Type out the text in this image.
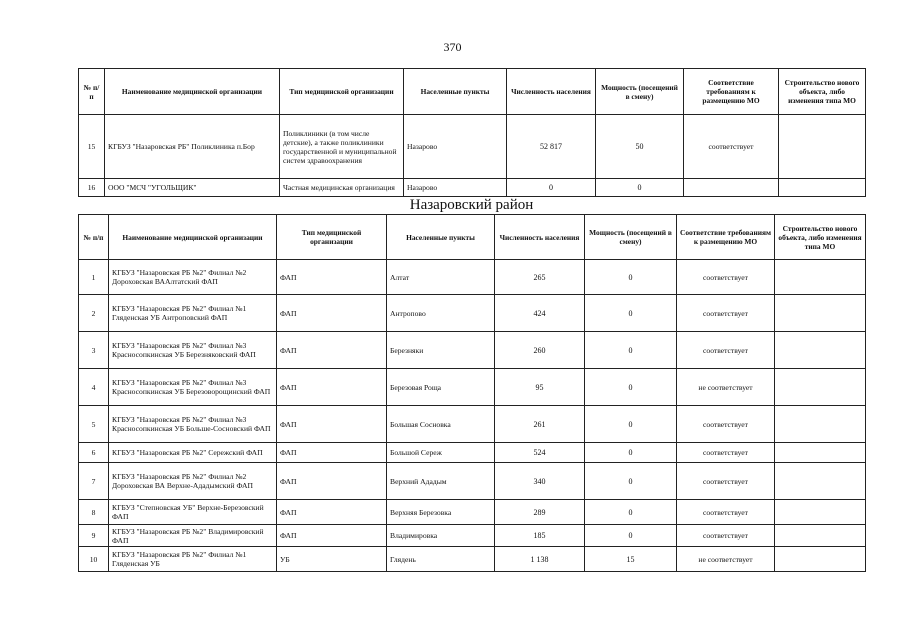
370
№ п/п	Наименование медицинской организации	Тип медицинской организации	Населенные пункты	Численность населения	Мощность (посещений в смену)	Соответствие требованиям к размещению МО	Строительство нового объекта, либо изменения типа МО
15	КГБУЗ "Назаровская РБ" Поликлиника п.Бор	Поликлиники (в том числе детские), а также поликлиники государственной и муниципальной систем здравоохранения	Назарово	52 817	50	соответствует	
16	ООО "МСЧ "УГОЛЬЩИК"	Частная медицинская организация	Назарово	0	0		
Назаровский район
№ п/п	Наименование медицинской организации	Тип медицинской организации	Населенные пункты	Численность населения	Мощность (посещений в смену)	Соответствие требованиям к размещению МО	Строительство нового объекта, либо изменения типа МО
1	КГБУЗ "Назаровская РБ №2" Филиал №2 Дороховская ВААлтатский ФАП	ФАП	Алтат	265	0	соответствует	
2	КГБУЗ "Назаровская РБ №2" Филиал №1 Гляденская УБ Антроповский ФАП	ФАП	Антропово	424	0	соответствует	
3	КГБУЗ "Назаровская РБ №2" Филиал №3 Красносопкинская УБ Березняковский ФАП	ФАП	Березняки	260	0	соответствует	
4	КГБУЗ "Назаровская РБ №2" Филиал №3 Красносопкинская УБ Березоворощинский ФАП	ФАП	Березовая Роща	95	0	не соответствует	
5	КГБУЗ "Назаровская РБ №2" Филиал №3 Красносопкинская УБ Больше-Сосновский ФАП	ФАП	Большая Сосновка	261	0	соответствует	
6	КГБУЗ "Назаровская РБ №2" Сережский ФАП	ФАП	Большой Серeж	524	0	соответствует	
7	КГБУЗ "Назаровская РБ №2" Филиал №2 Дороховская ВА Верхне-Ададымский ФАП	ФАП	Верхний Ададым	340	0	соответствует	
8	КГБУЗ "Степновская УБ" Верхне-Березовский ФАП	ФАП	Верхняя Березовка	289	0	соответствует	
9	КГБУЗ "Назаровская РБ №2" Владимировский ФАП	ФАП	Владимировка	185	0	соответствует	
10	КГБУЗ "Назаровская РБ №2" Филиал №1 Гляденская УБ	УБ	Глядень	1 138	15	не соответствует	
